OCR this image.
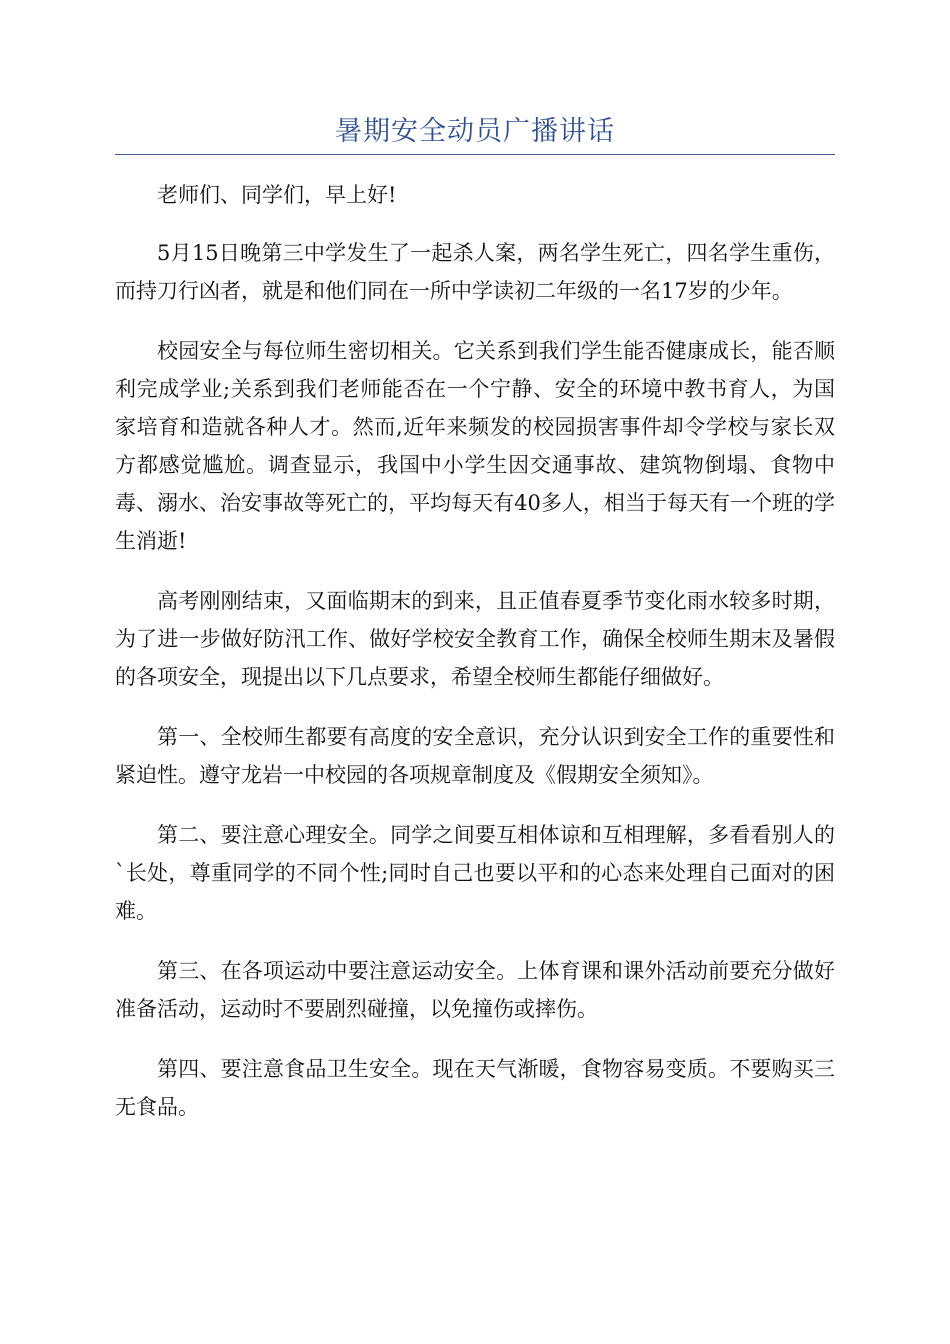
暑期安全动员广播讲话

老师们、同学们，早上好!

5月15日晚第三中学发生了一起杀人案，两名学生死亡，四名学生重伤，而持刀行凶者，就是和他们同在一所中学读初二年级的一名17岁的少年。

校园安全与每位师生密切相关。它关系到我们学生能否健康成长，能否顺利完成学业;关系到我们老师能否在一个宁静、安全的环境中教书育人，为国家培育和造就各种人才。然而,近年来频发的校园损害事件却令学校与家长双方都感觉尴尬。调查显示，我国中小学生因交通事故、建筑物倒塌、食物中毒、溺水、治安事故等死亡的，平均每天有40多人，相当于每天有一个班的学生消逝!

高考刚刚结束，又面临期末的到来，且正值春夏季节变化雨水较多时期，为了进一步做好防汛工作、做好学校安全教育工作，确保全校师生期末及暑假的各项安全，现提出以下几点要求，希望全校师生都能仔细做好。

第一、全校师生都要有高度的安全意识，充分认识到安全工作的重要性和紧迫性。遵守龙岩一中校园的各项规章制度及《假期安全须知》。

第二、要注意心理安全。同学之间要互相体谅和互相理解，多看看别人的`长处，尊重同学的不同个性;同时自己也要以平和的心态来处理自己面对的困难。

第三、在各项运动中要注意运动安全。上体育课和课外活动前要充分做好准备活动，运动时不要剧烈碰撞，以免撞伤或摔伤。

第四、要注意食品卫生安全。现在天气渐暖，食物容易变质。不要购买三无食品。
